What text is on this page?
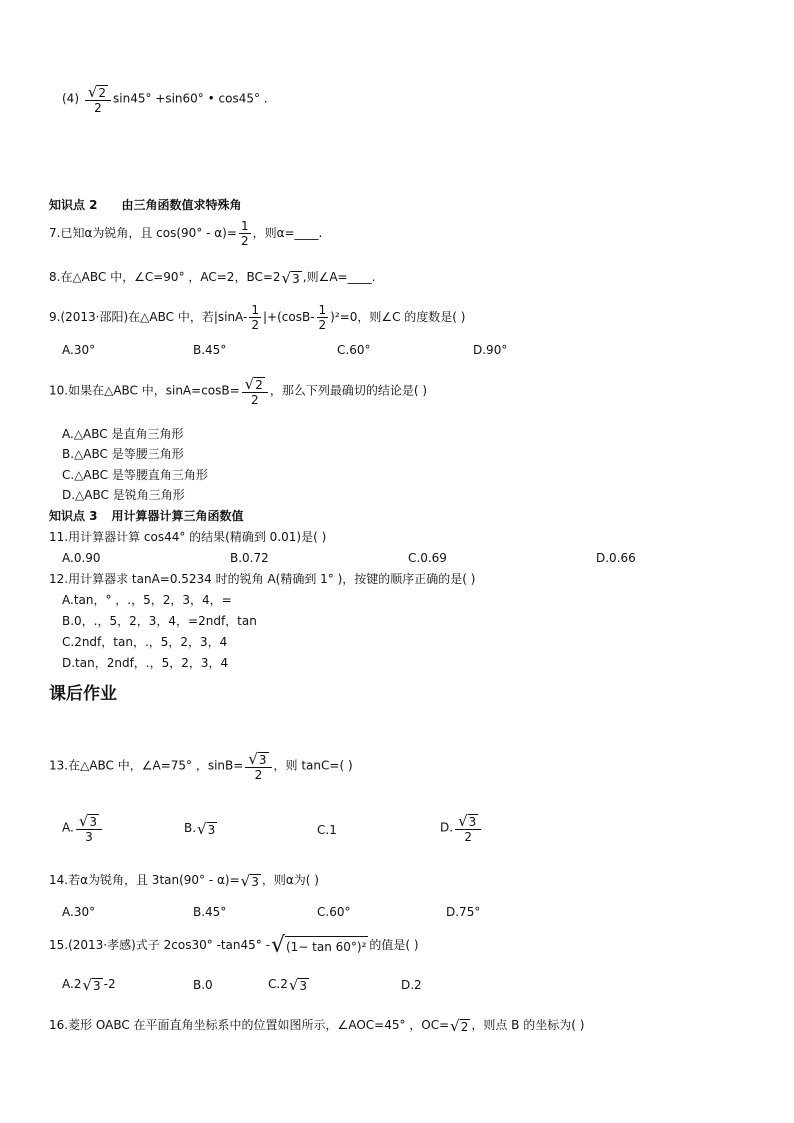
$(4) \frac{√ 2}{2} \sin 45^\circ +\sin 60^\circ$ • cos45° .
知识点 2 由三角函数值求特殊角
7.已知α为锐角，且 $\cos(90^\circ - \alpha)= \frac{1}{2}$ ，则α=____.
8.在△ABC 中，∠C=90° ，AC=2，BC=2 √ 3 ,则∠A=____.
9.(2013·邵阳)在△ABC 中，若$|\sin A- \frac{1}{2} |+(\cos B- \frac{1}{2} )^2=0$，则∠C 的度数是( )
A.30°	B.45°	C.60°	D.90°
10.如果在△ABC 中，$\sin A=\cos B= \frac{√ 2}{2}$ ，那么下列最确切的结论是( )
A.△ABC 是直角三角形
B.△ABC 是等腰三角形
C.△ABC 是等腰直角三角形
D.△ABC 是锐角三角形
知识点 3 用计算器计算三角函数值
11.用计算器计算 cos44° 的结果(精确到 0.01)是( )
A.0.90	B.0.72	C.0.69	D.0.66
12.用计算器求 tanA=0.5234 时的锐角 A(精确到 1° )，按键的顺序正确的是( )
A.tan，° ，.，5，2，3，4，=
B.0，.，5，2，3，4，=2ndf，tan
C.2ndf，tan，.，5，2，3，4
D.tan，2ndf，.，5，2，3，4
课后作业
13.在△ABC 中，∠A=75° ，$\sin B= \frac{√ 3}{2}$ ，则 tanC=( )
A. $\frac{√ 3}{3}$	B. √ 3	C.1	D. $\frac{√ 3}{2}$
14.若α为锐角，且 3tan(90° - α)= √ 3 ，则α为( )
A.30°	B.45°	C.60°	D.75°
15.(2013·孝感)式子 2cos30° -tan45° - √ (1− tan 60°)² 的值是( )
A.2 √ 3 -2	B.0	C.2 √ 3	D.2
16.菱形 OABC 在平面直角坐标系中的位置如图所示，∠AOC=45° ，OC= √ 2 ，则点 B 的坐标为( )
